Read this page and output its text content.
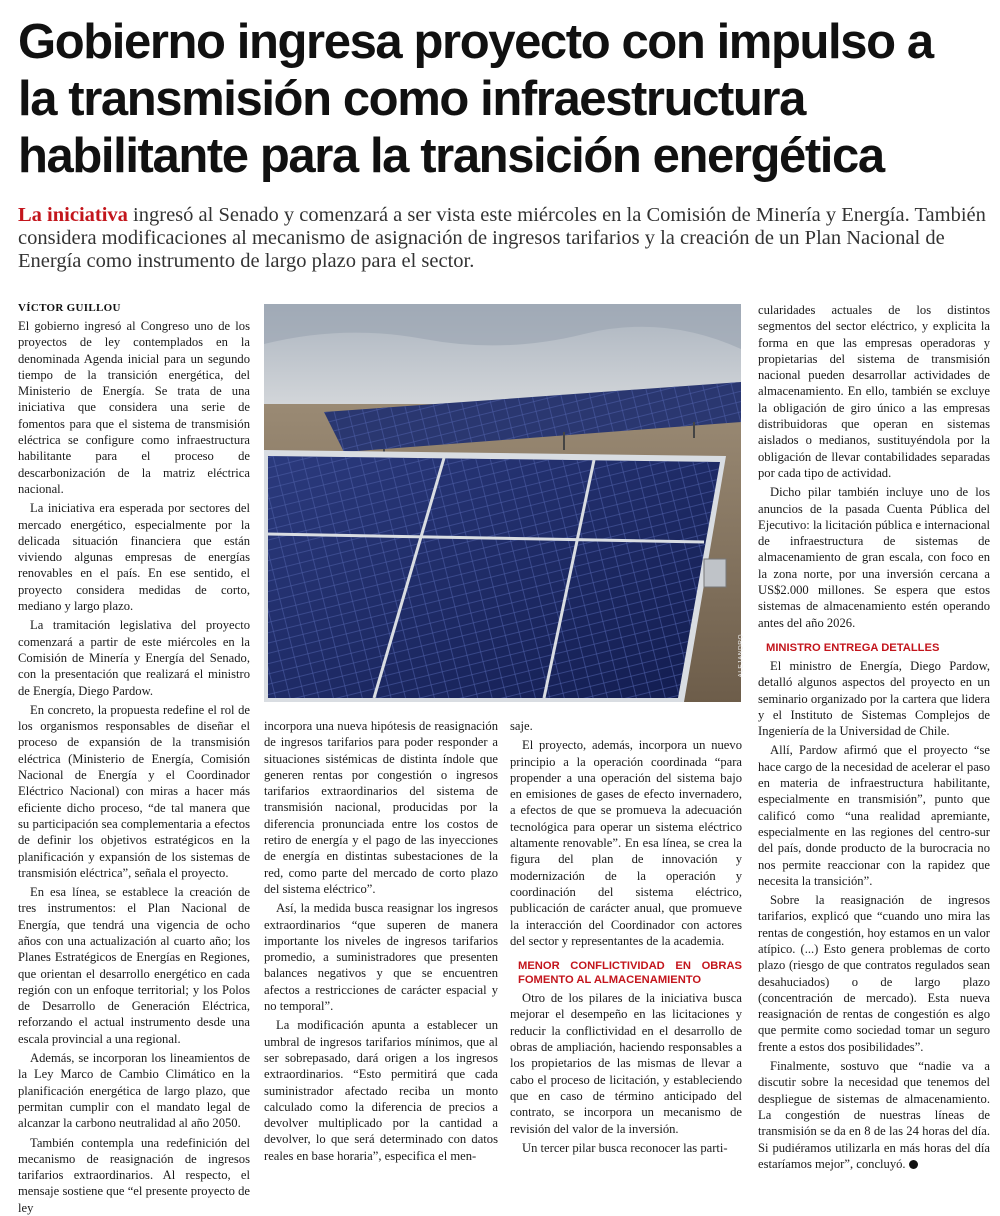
Gobierno ingresa proyecto con impulso a
la transmisión como infraestructura
habilitante para la transición energética
La iniciativa ingresó al Senado y comenzará a ser vista este miércoles en la Comisión de Minería y Energía. También considera modificaciones al mecanismo de asignación de ingresos tarifarios y la creación de un Plan Nacional de Energía como instrumento de largo plazo para el sector.
VÍCTOR GUILLOU
ALEJANDRO

El gobierno ingresó al Congreso uno de los proyectos de ley contemplados en la denominada Agenda inicial para un segundo tiempo de la transición energética, del Ministerio de Energía. Se trata de una iniciativa que considera una serie de fomentos para que el sistema de transmisión eléctrica se configure como infraestructura habilitante para el proceso de descarbonización de la matriz eléctrica nacional.

La iniciativa era esperada por sectores del mercado energético, especialmente por la delicada situación financiera que están viviendo algunas empresas de energías renovables en el país. En ese sentido, el proyecto considera medidas de corto, mediano y largo plazo.

La tramitación legislativa del proyecto comenzará a partir de este miércoles en la Comisión de Minería y Energía del Senado, con la presentación que realizará el ministro de Energía, Diego Pardow.

En concreto, la propuesta redefine el rol de los organismos responsables de diseñar el proceso de expansión de la transmisión eléctrica (Ministerio de Energía, Comisión Nacional de Energía y el Coordinador Eléctrico Nacional) con miras a hacer más eficiente dicho proceso, “de tal manera que su participación sea complementaria a efectos de definir los objetivos estratégicos en la planificación y expansión de los sistemas de transmisión eléctrica”, señala el proyecto.

En esa línea, se establece la creación de tres instrumentos: el Plan Nacional de Energía, que tendrá una vigencia de ocho años con una actualización al cuarto año; los Planes Estratégicos de Energías en Regiones, que orientan el desarrollo energético en cada región con un enfoque territorial; y los Polos de Desarrollo de Generación Eléctrica, reforzando el actual instrumento desde una escala provincial a una regional.

Además, se incorporan los lineamientos de la Ley Marco de Cambio Climático en la planificación energética de largo plazo, que permitan cumplir con el mandato legal de alcanzar la carbono neutralidad al año 2050.

También contempla una redefinición del mecanismo de reasignación de ingresos tarifarios extraordinarios. Al respecto, el mensaje sostiene que “el presente proyecto de ley

incorpora una nueva hipótesis de reasignación de ingresos tarifarios para poder responder a situaciones sistémicas de distinta índole que generen rentas por congestión o ingresos tarifarios extraordinarios del sistema de transmisión nacional, producidas por la diferencia pronunciada entre los costos de retiro de energía y el pago de las inyecciones de energía en distintas subestaciones de la red, como parte del mercado de corto plazo del sistema eléctrico”.

Así, la medida busca reasignar los ingresos extraordinarios “que superen de manera importante los niveles de ingresos tarifarios promedio, a suministradores que presenten balances negativos y que se encuentren afectos a restricciones de carácter espacial y no temporal”.

La modificación apunta a establecer un umbral de ingresos tarifarios mínimos, que al ser sobrepasado, dará origen a los ingresos extraordinarios. “Esto permitirá que cada suministrador afectado reciba un monto calculado como la diferencia de precios a devolver multiplicado por la cantidad a devolver, lo que será determinado con datos reales en base horaria”, especifica el men-

saje.

El proyecto, además, incorpora un nuevo principio a la operación coordinada “para propender a una operación del sistema bajo en emisiones de gases de efecto invernadero, a efectos de que se promueva la adecuación tecnológica para operar un sistema eléctrico altamente renovable”. En esa línea, se crea la figura del plan de innovación y modernización de la operación y coordinación del sistema eléctrico, publicación de carácter anual, que promueve la interacción del Coordinador con actores del sector y representantes de la academia.

MENOR CONFLICTIVIDAD EN OBRAS FOMENTO AL ALMACENAMIENTO

Otro de los pilares de la iniciativa busca mejorar el desempeño en las licitaciones y reducir la conflictividad en el desarrollo de obras de ampliación, haciendo responsables a los propietarios de las mismas de llevar a cabo el proceso de licitación, y estableciendo que en caso de término anticipado del contrato, se incorpora un mecanismo de revisión del valor de la inversión.

Un tercer pilar busca reconocer las parti-

cularidades actuales de los distintos segmentos del sector eléctrico, y explicita la forma en que las empresas operadoras y propietarias del sistema de transmisión nacional pueden desarrollar actividades de almacenamiento. En ello, también se excluye la obligación de giro único a las empresas distribuidoras que operan en sistemas aislados o medianos, sustituyéndola por la obligación de llevar contabilidades separadas por cada tipo de actividad.

Dicho pilar también incluye uno de los anuncios de la pasada Cuenta Pública del Ejecutivo: la licitación pública e internacional de infraestructura de sistemas de almacenamiento de gran escala, con foco en la zona norte, por una inversión cercana a US$2.000 millones. Se espera que estos sistemas de almacenamiento estén operando antes del año 2026.

MINISTRO ENTREGA DETALLES

El ministro de Energía, Diego Pardow, detalló algunos aspectos del proyecto en un seminario organizado por la cartera que lidera y el Instituto de Sistemas Complejos de Ingeniería de la Universidad de Chile.

Allí, Pardow afirmó que el proyecto “se hace cargo de la necesidad de acelerar el paso en materia de infraestructura habilitante, especialmente en transmisión”, punto que calificó como “una realidad apremiante, especialmente en las regiones del centro-sur del país, donde producto de la burocracia no nos permite reaccionar con la rapidez que necesita la transición”.

Sobre la reasignación de ingresos tarifarios, explicó que “cuando uno mira las rentas de congestión, hoy estamos en un valor atípico. (...) Esto genera problemas de corto plazo (riesgo de que contratos regulados sean desahuciados) o de largo plazo (concentración de mercado). Esta nueva reasignación de rentas de congestión es algo que permite como sociedad tomar un seguro frente a estos dos posibilidades”.

Finalmente, sostuvo que “nadie va a discutir sobre la necesidad que tenemos del despliegue de sistemas de almacenamiento. La congestión de nuestras líneas de transmisión se da en 8 de las 24 horas del día. Si pudiéramos utilizarla en más horas del día estaríamos mejor”, concluyó. P
